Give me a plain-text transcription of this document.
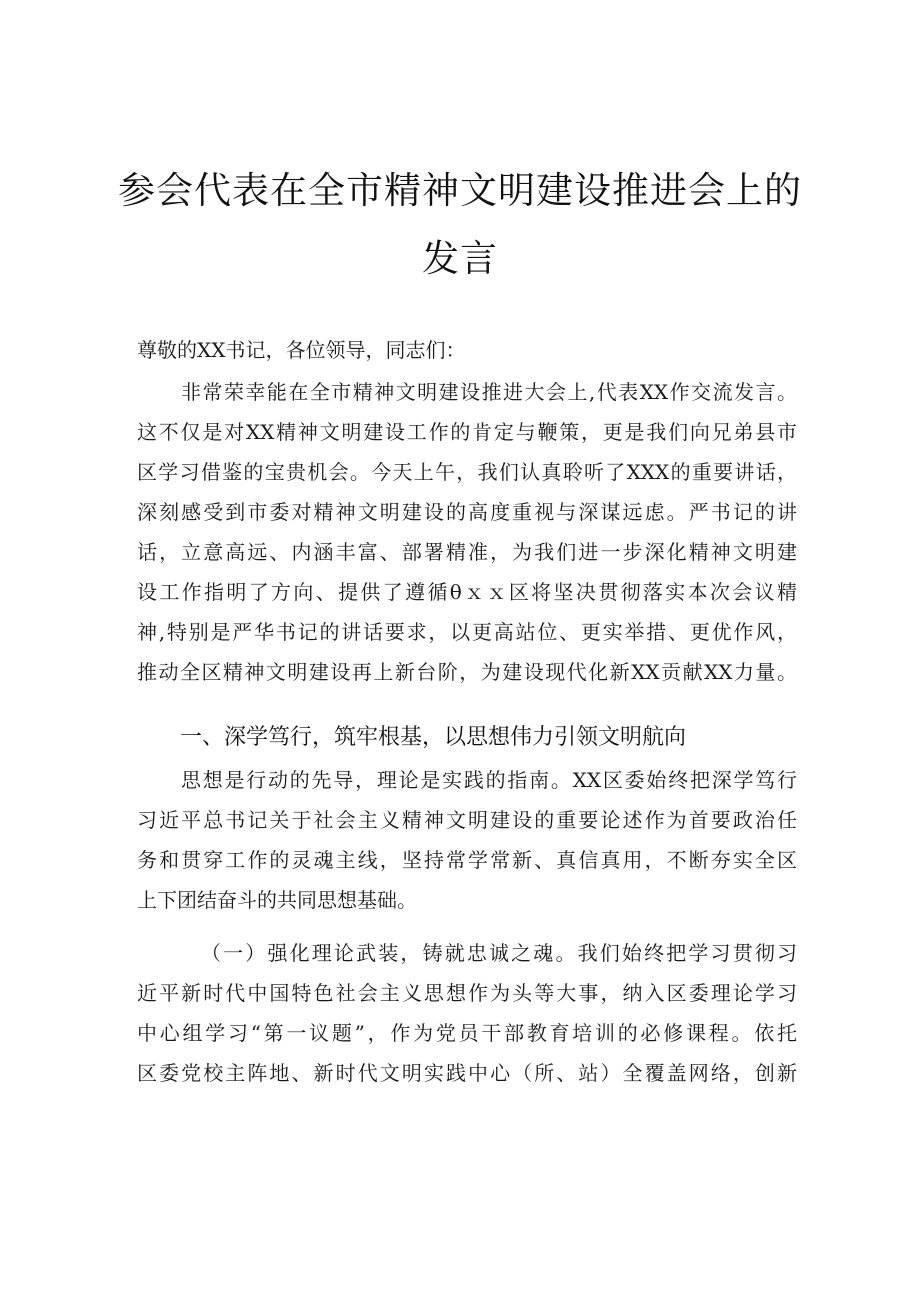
参会代表在全市精神文明建设推进会上的
发言
尊敬的XX书记，各位领导，同志们：
非常荣幸能在全市精神文明建设推进大会上,代表XX作交流发言。
这不仅是对XX精神文明建设工作的肯定与鞭策，更是我们向兄弟县市
区学习借鉴的宝贵机会。今天上午，我们认真聆听了XXX的重要讲话，
深刻感受到市委对精神文明建设的高度重视与深谋远虑。严书记的讲
话，立意高远、内涵丰富、部署精准，为我们进一步深化精神文明建
设工作指明了方向、提供了遵循θｘｘ区将坚决贯彻落实本次会议精
神,特别是严华书记的讲话要求，以更高站位、更实举措、更优作风，
推动全区精神文明建设再上新台阶，为建设现代化新XX贡献XX力量。
一、深学笃行，筑牢根基，以思想伟力引领文明航向
思想是行动的先导，理论是实践的指南。XX区委始终把深学笃行
习近平总书记关于社会主义精神文明建设的重要论述作为首要政治任
务和贯穿工作的灵魂主线，坚持常学常新、真信真用，不断夯实全区
上下团结奋斗的共同思想基础。
（一）强化理论武装，铸就忠诚之魂。我们始终把学习贯彻习
近平新时代中国特色社会主义思想作为头等大事，纳入区委理论学习
中心组学习“第一议题”，作为党员干部教育培训的必修课程。依托
区委党校主阵地、新时代文明实践中心（所、站）全覆盖网络，创新
